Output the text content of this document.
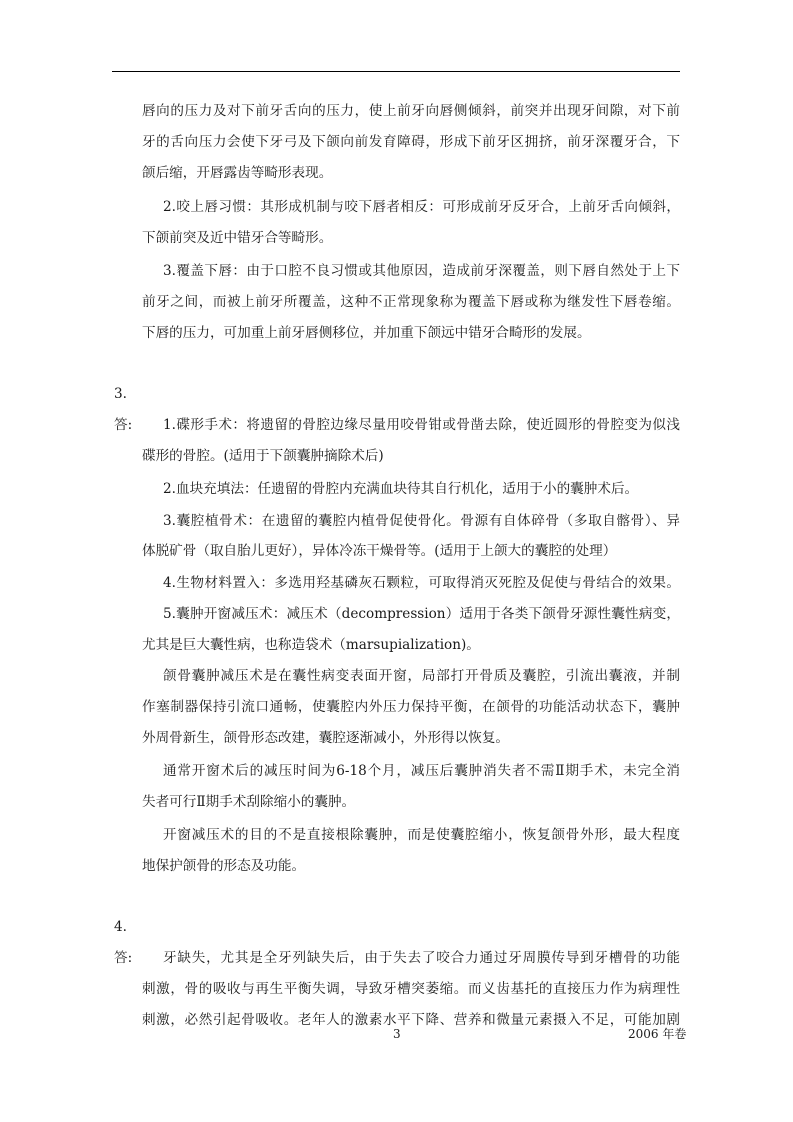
唇向的压力及对下前牙舌向的压力，使上前牙向唇侧倾斜，前突并出现牙间隙，对下前
牙的舌向压力会使下牙弓及下颌向前发育障碍，形成下前牙区拥挤，前牙深覆牙合，下
颌后缩，开唇露齿等畸形表现。
2.咬上唇习惯：其形成机制与咬下唇者相反：可形成前牙反牙合，上前牙舌向倾斜，
下颌前突及近中错牙合等畸形。
3.覆盖下唇：由于口腔不良习惯或其他原因，造成前牙深覆盖，则下唇自然处于上下
前牙之间，而被上前牙所覆盖，这种不正常现象称为覆盖下唇或称为继发性下唇卷缩。
下唇的压力，可加重上前牙唇侧移位，并加重下颌远中错牙合畸形的发展。
3.
答: 1.碟形手术：将遗留的骨腔边缘尽量用咬骨钳或骨凿去除，使近圆形的骨腔变为似浅
碟形的骨腔。(适用于下颌囊肿摘除术后)
2.血块充填法：任遗留的骨腔内充满血块待其自行机化，适用于小的囊肿术后。
3.囊腔植骨术：在遗留的囊腔内植骨促使骨化。骨源有自体碎骨（多取自髂骨）、异
体脱矿骨（取自胎儿更好），异体冷冻干燥骨等。(适用于上颌大的囊腔的处理）
4.生物材料置入：多选用羟基磷灰石颗粒，可取得消灭死腔及促使与骨结合的效果。
5.囊肿开窗减压术：减压术（decompression）适用于各类下颌骨牙源性囊性病变，
尤其是巨大囊性病，也称造袋术（marsupialization)。
颌骨囊肿减压术是在囊性病变表面开窗，局部打开骨质及囊腔，引流出囊液，并制
作塞制器保持引流口通畅，使囊腔内外压力保持平衡，在颌骨的功能活动状态下，囊肿
外周骨新生，颌骨形态改建，囊腔逐渐减小，外形得以恢复。
通常开窗术后的减压时间为6-18个月，减压后囊肿消失者不需Ⅱ期手术，未完全消
失者可行Ⅱ期手术刮除缩小的囊肿。
开窗减压术的目的不是直接根除囊肿，而是使囊腔缩小，恢复颌骨外形，最大程度
地保护颌骨的形态及功能。
4.
答: 牙缺失，尤其是全牙列缺失后，由于失去了咬合力通过牙周膜传导到牙槽骨的功能
刺激，骨的吸收与再生平衡失调，导致牙槽突萎缩。而义齿基托的直接压力作为病理性
刺激，必然引起骨吸收。老年人的激素水平下降、营养和微量元素摄入不足，可能加剧
3	2006 年卷
